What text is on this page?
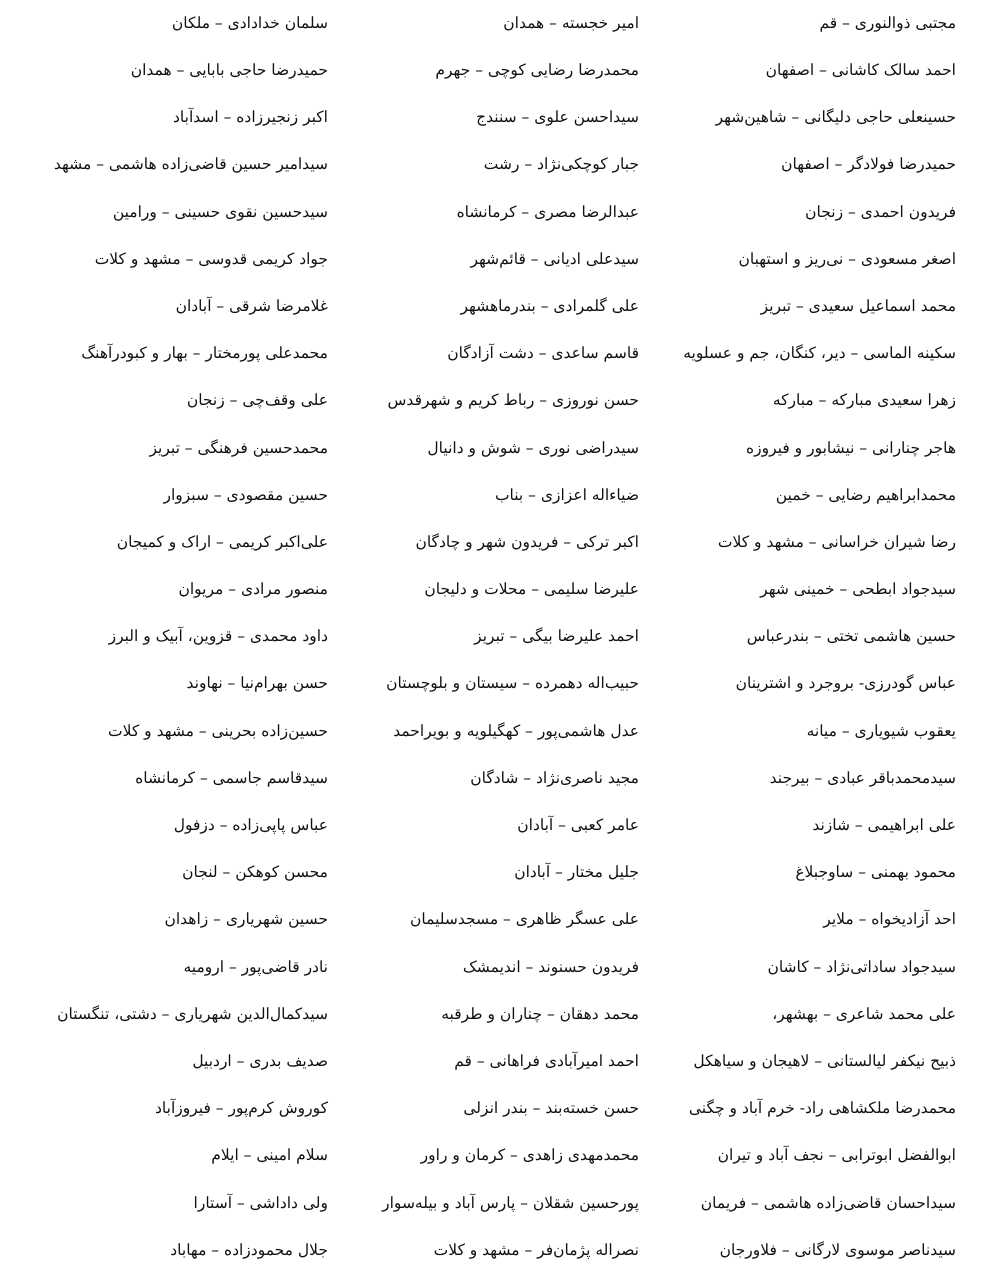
مجتبی ذوالنوری – قم
امیر خجسته – همدان
سلمان خدادادی – ملکان
احمد سالک کاشانی – اصفهان
محمدرضا رضایی کوچی – جهرم
حمیدرضا حاجی بابایی – همدان
حسینعلی حاجی دلیگانی – شاهین‌شهر
سیداحسن علوی – سنندج
اکبر زنجیرزاده – اسدآباد
حمیدرضا فولادگر – اصفهان
جبار کوچکی‌نژاد – رشت
سیدامیر حسین قاضی‌زاده هاشمی – مشهد
فریدون احمدی – زنجان
عبدالرضا مصری – کرمانشاه
سیدحسین نقوی حسینی – ورامین
اصغر مسعودی – نی‌ریز و استهبان
سیدعلی ادیانی – قائم‌شهر
جواد کریمی قدوسی – مشهد و کلات
محمد اسماعیل سعیدی – تبریز
علی گلمرادی – بندرماهشهر
غلامرضا شرقی – آبادان
سکینه الماسی – دیر، کنگان، جم و عسلویه
قاسم ساعدی – دشت آزادگان
محمدعلی پورمختار – بهار و کبودرآهنگ
زهرا سعیدی مبارکه – مبارکه
حسن نوروزی – رباط کریم و شهرقدس
علی وقف‌چی – زنجان
هاجر چنارانی – نیشابور و فیروزه
سیدراضی نوری – شوش و دانیال
محمدحسین فرهنگی – تبریز
محمدابراهیم رضایی – خمین
ضیاءاله اعزازی – بناب
حسین مقصودی – سبزوار
رضا شیران خراسانی – مشهد و کلات
اکبر ترکی – فریدون شهر و چادگان
علی‌اکبر کریمی – اراک و کمیجان
سیدجواد ابطحی – خمینی شهر
علیرضا سلیمی – محلات و دلیجان
منصور مرادی – مریوان
حسین هاشمی تختی – بندرعباس
احمد علیرضا بیگی – تبریز
داود محمدی – قزوین، آبیک و البرز
عباس گودرزی- بروجرد و اشترینان
حبیب‌اله دهمرده – سیستان و بلوچستان
حسن بهرام‌نیا – نهاوند
یعقوب شیویاری – میانه
عدل هاشمی‌پور – کهگیلویه و بویراحمد
حسین‌زاده بحرینی – مشهد و کلات
سیدمحمدباقر عبادی – بیرجند
مجید ناصری‌نژاد – شادگان
سیدقاسم جاسمی – کرمانشاه
علی ابراهیمی – شازند
عامر کعبی – آبادان
عباس پاپی‌زاده – دزفول
محمود بهمنی – ساوجبلاغ
جلیل مختار – آبادان
محسن کوهکن – لنجان
احد آزادیخواه – ملایر
علی عسگر ظاهری – مسجدسلیمان
حسین شهریاری – زاهدان
سیدجواد ساداتی‌نژاد – کاشان
فریدون حسنوند – اندیمشک
نادر قاضی‌پور – ارومیه
علی محمد شاعری – بهشهر،
محمد دهقان – چناران و طرقبه
سیدکمال‌الدین شهریاری – دشتی، تنگستان
ذبیح نیکفر لیالستانی – لاهیجان و سیاهکل
احمد امیرآبادی فراهانی – قم
صدیف بدری – اردبیل
محمدرضا ملکشاهی راد- خرم آباد و چگنی
حسن خسته‌بند – بندر انزلی
کوروش کرم‌پور – فیروزآباد
ابوالفضل ابوترابی – نجف آباد و تیران
محمدمهدی زاهدی – کرمان و راور
سلام امینی – ایلام
سیداحسان قاضی‌زاده هاشمی – فریمان
پورحسین شقلان – پارس آباد و بیله‌سوار
ولی داداشی – آستارا
سیدناصر موسوی لارگانی – فلاورجان
نصراله پژمان‌فر – مشهد و کلات
جلال محمودزاده – مهاباد
